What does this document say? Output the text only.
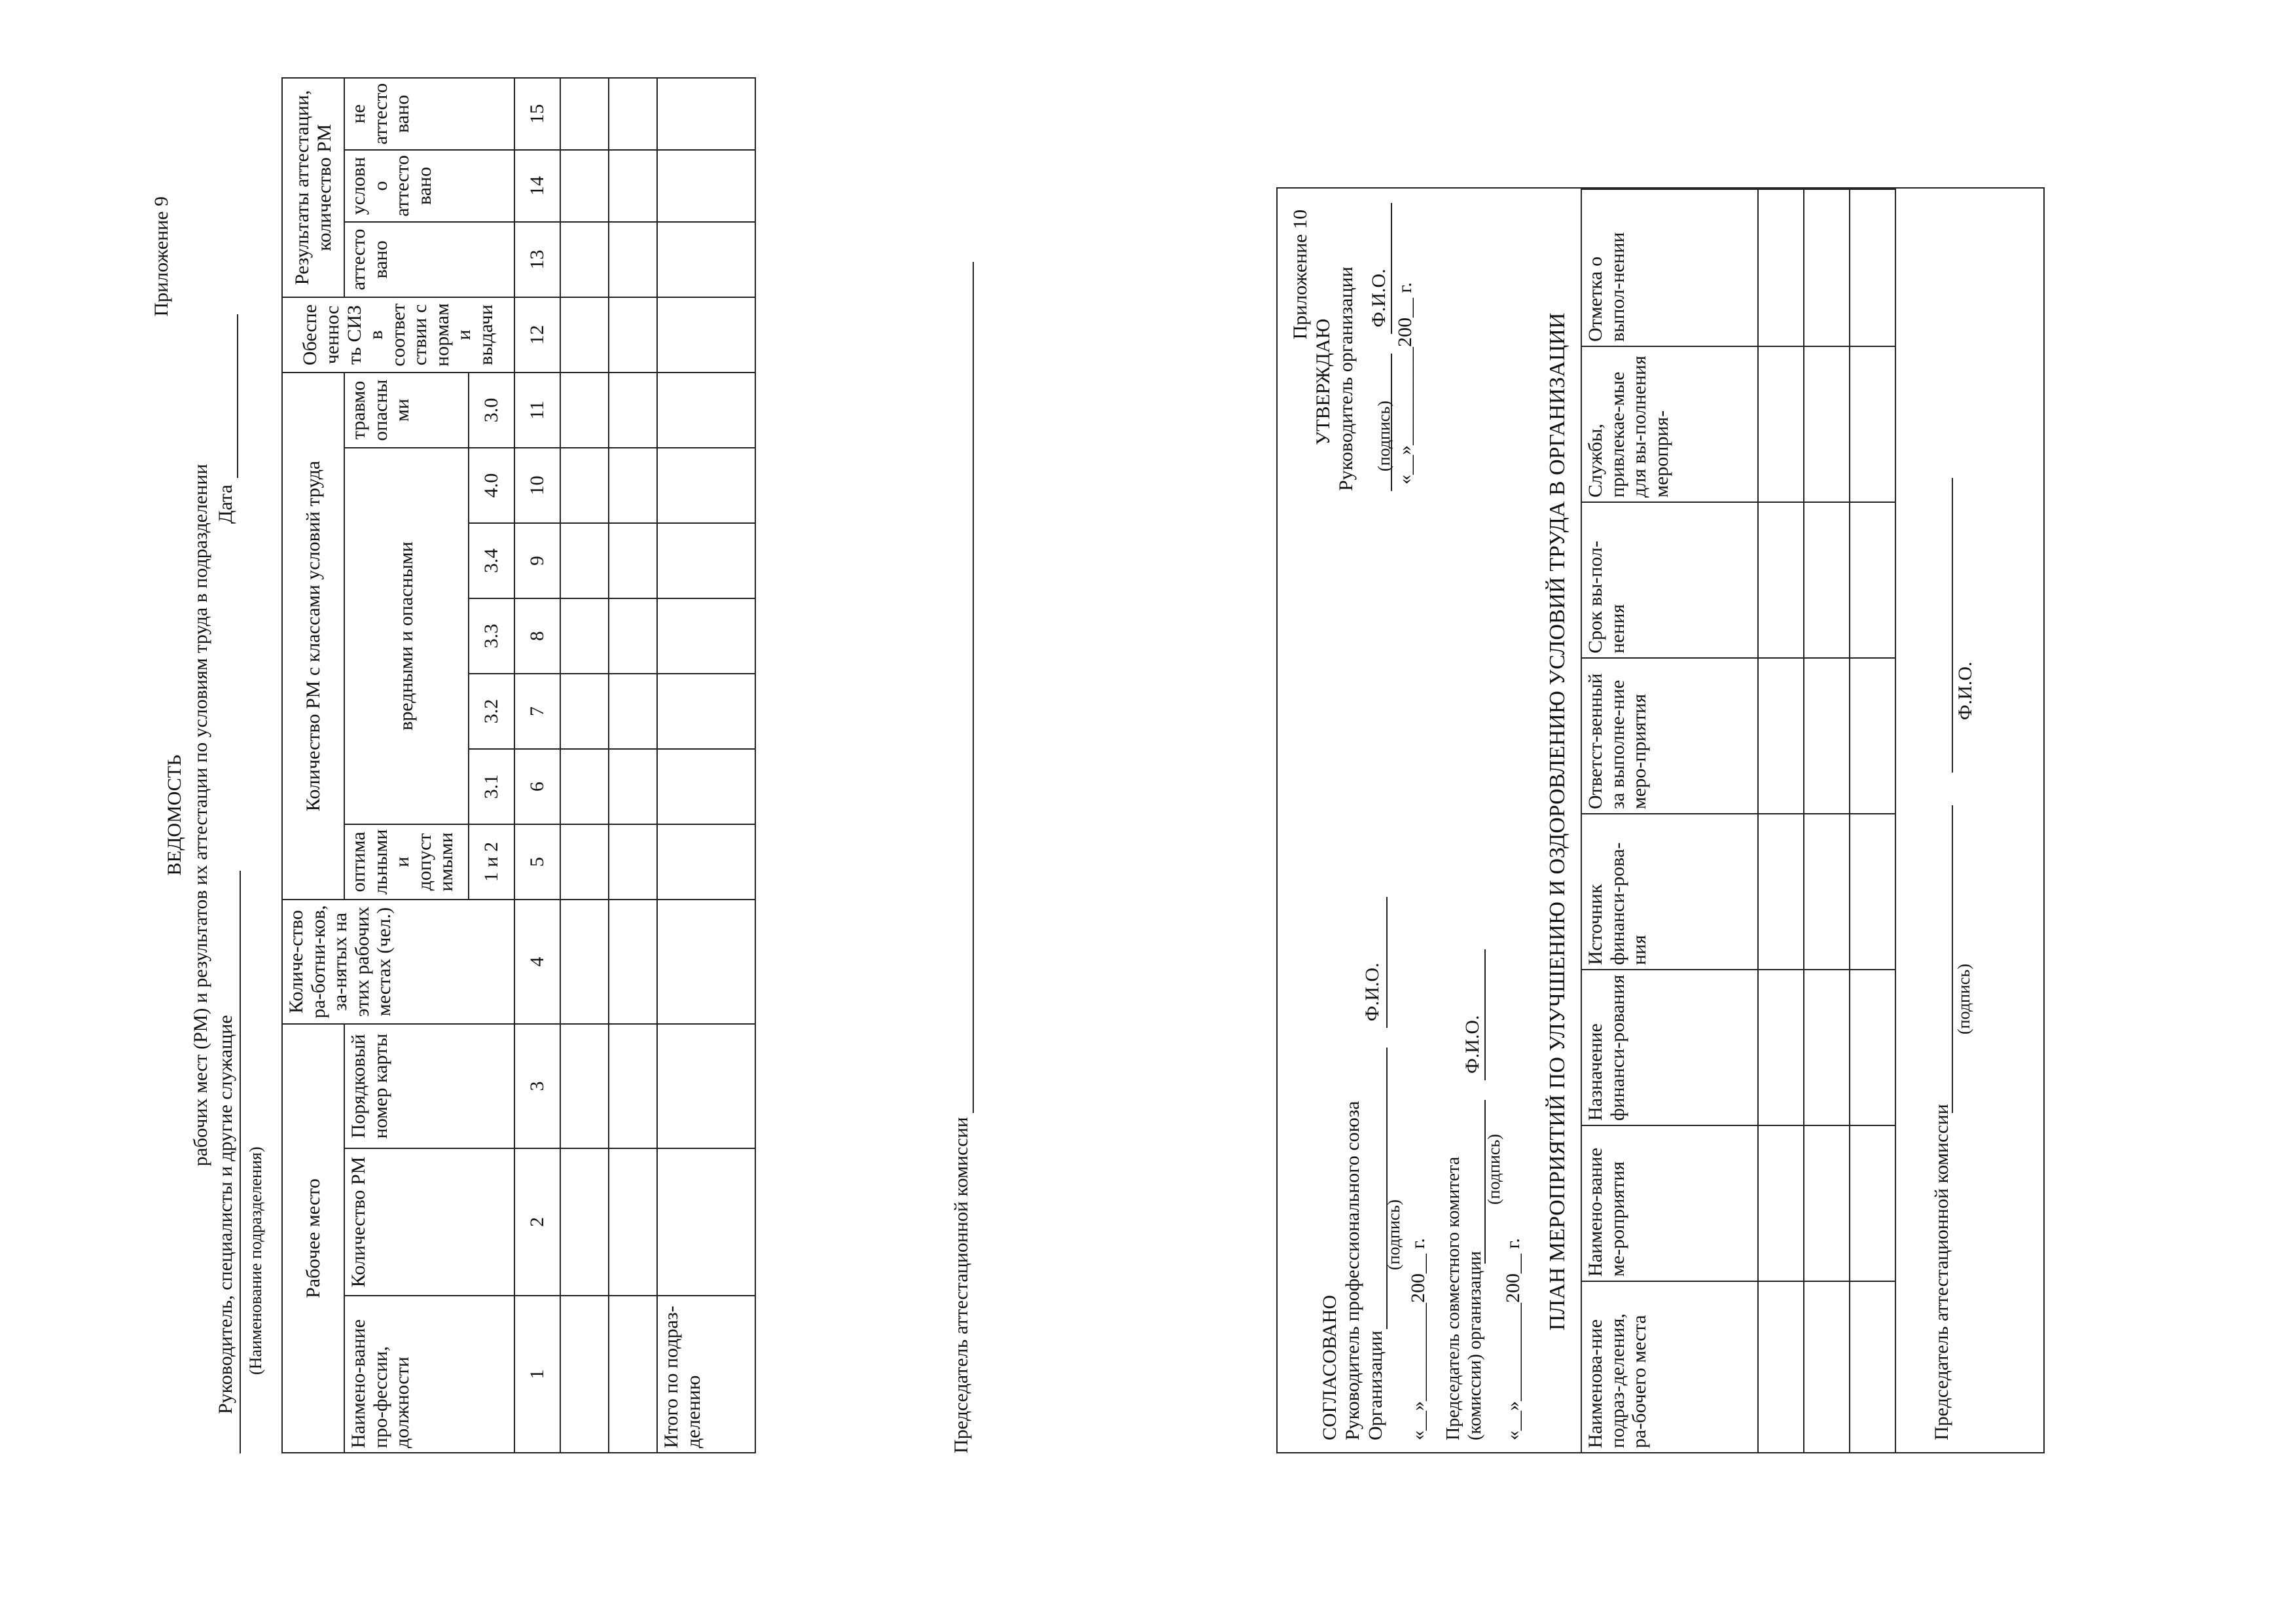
Приложение 9
ВЕДОМОСТЬ рабочих мест (РМ) и результатов их аттестации по условиям труда в подразделении
Руководитель, специалисты и другие служащие
Дата
(Наименование подразделения) Рабочее место			Количе-ство ра-ботни-ков, за-нятых на этих рабочих местах (чел.)	Количество РМ с классами условий труда							Обеспеченность СИЗ в соответствии с нормами выдачи	Результаты аттестации, количество РМ		
Наимено-вание про-фессии, должности	Количество РМ	Порядковый номер карты		оптимальными и допустимыми	вредными и опасными					травмоопасными		аттестовано	условно аттестовано	не аттестовано
				1 и 2	3.1	3.2	3.3	3.4	4.0	3.0				
1	2	3	4	5	6	7	8	9	10	11	12	13	14	15

Итого по подраз-делению															Председатель аттестационной комиссии
Приложение 10
УТВЕРЖДАЮ Руководитель организации (подпись)
Ф.И.О. «__»__________200__ г.
СОГЛАСОВАНО Руководитель профессионального союза Организации
(подпись)
Ф.И.О.
«__»__________200__ г. Председатель совместного комитета (комиссии) организации
(подпись)
Ф.И.О.
«__»__________200__ г.
ПЛАН МЕРОПРИЯТИЙ ПО УЛУЧШЕНИЮ И ОЗДОРОВЛЕНИЮ УСЛОВИЙ ТРУДА В ОРГАНИЗАЦИИ
Наименова-ние подраз-деления, ра-бочего места	Наимено-вание ме-роприятия	Назначение финанси-рования	Источник финанси-рова-ния	Ответст-венный за выполне-ние меро-приятия	Срок вы-пол-нения	Службы, привлекае-мые для вы-полнения мероприя-	Отметка о выпол-нении

Председатель аттестационной комиссии
(подпись)
Ф.И.О.
